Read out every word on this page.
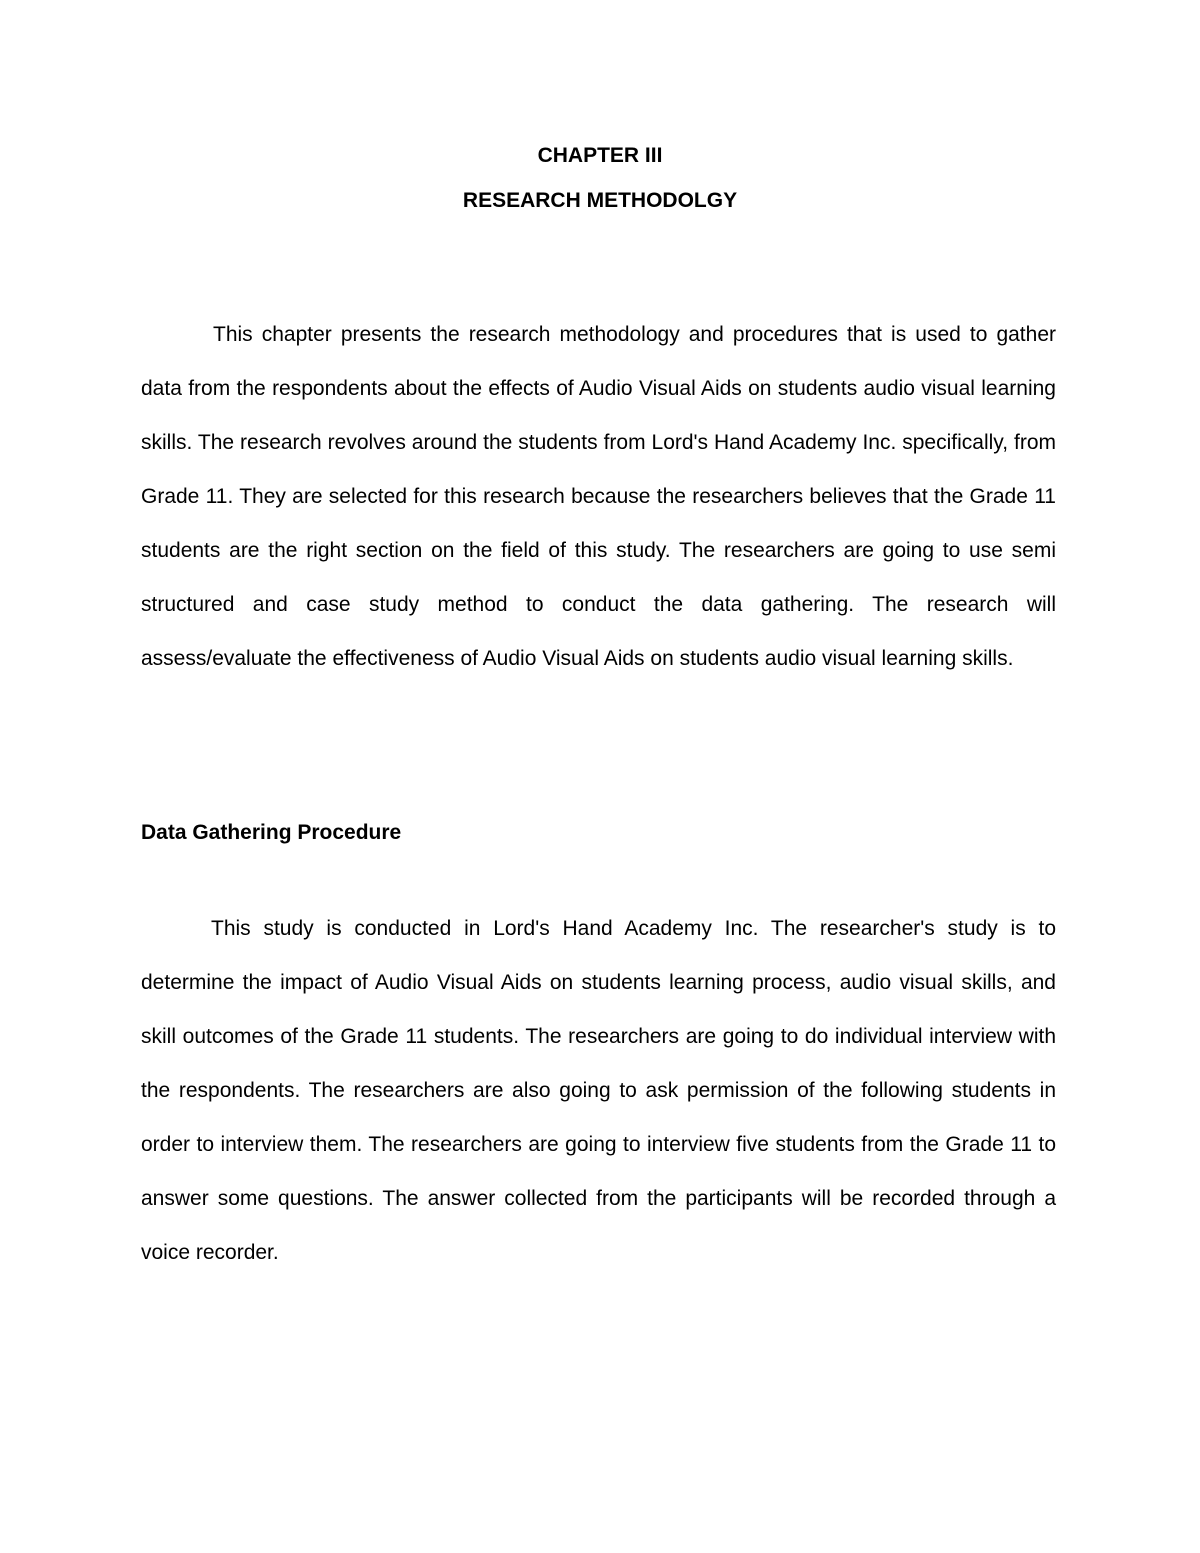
CHAPTER III
RESEARCH METHODOLGY

This chapter presents the research methodology and procedures that is used to gather data from the respondents about the effects of Audio Visual Aids on students audio visual learning skills. The research revolves around the students from Lord's Hand Academy Inc. specifically, from Grade 11. They are selected for this research because the researchers believes that the Grade 11 students are the right section on the field of this study. The researchers are going to use semi structured and case study method to conduct the data gathering. The research will assess/evaluate the effectiveness of Audio Visual Aids on students audio visual learning skills.

Data Gathering Procedure

This study is conducted in Lord's Hand Academy Inc. The researcher's study is to determine the impact of Audio Visual Aids on students learning process, audio visual skills, and skill outcomes of the Grade 11 students. The researchers are going to do individual interview with the respondents. The researchers are also going to ask permission of the following students in order to interview them. The researchers are going to interview five students from the Grade 11 to answer some questions. The answer collected from the participants will be recorded through a voice recorder.
